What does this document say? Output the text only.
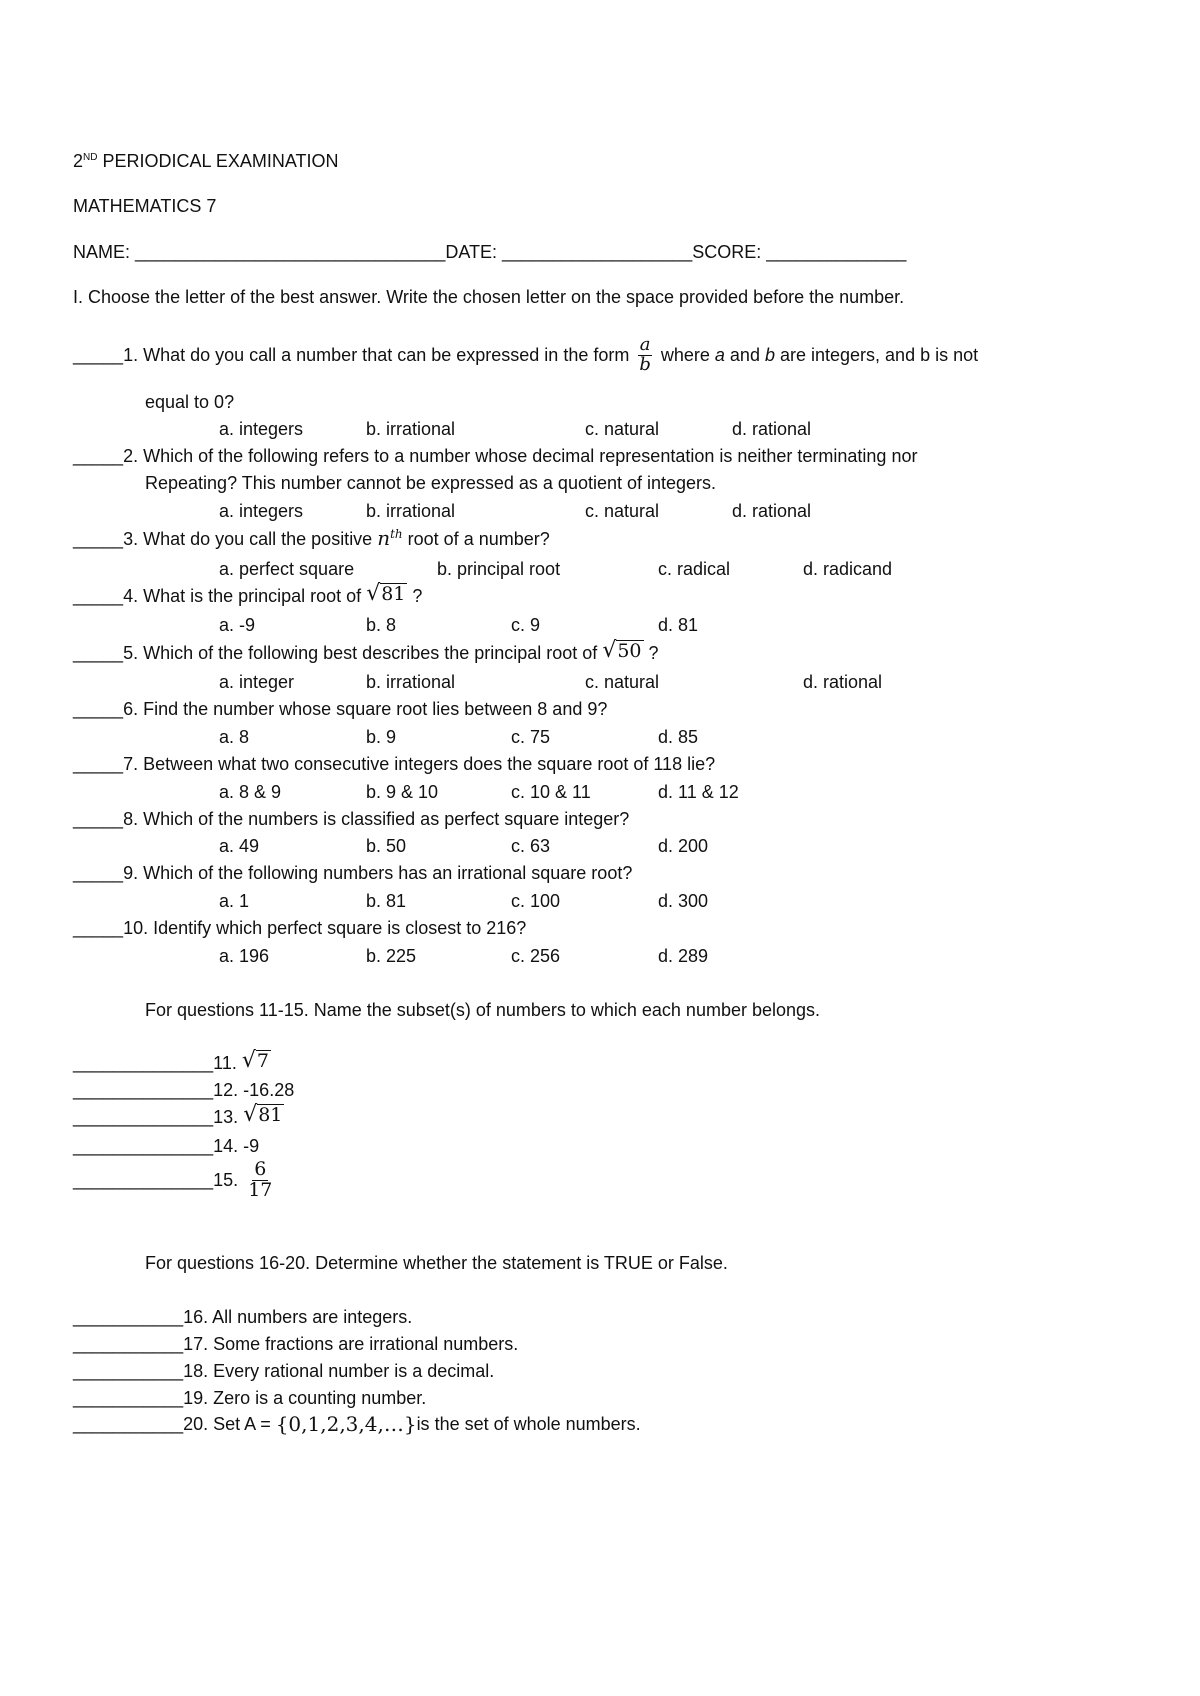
2ND PERIODICAL EXAMINATION
MATHEMATICS 7
NAME: _______________________________DATE: ___________________SCORE: ______________
I. Choose the letter of the best answer. Write the chosen letter on the space provided before the number.
_____ 1. What do you call a number that can be expressed in the form $\frac{a}{b}$ where a and b are integers, and b is not
equal to 0?
a. integers	b. irrational	c. natural	d. rational
_____2. Which of the following refers to a number whose decimal representation is neither terminating nor
Repeating? This number cannot be expressed as a quotient of integers.
a. integers	b. irrational	c. natural	d. rational
_____3. What do you call the positive $n^{th}$ root of a number?
a. perfect square	b. principal root	c. radical	d. radicand
_____ 4. What is the principal root of √ 81 ?
a. -9	b. 8	c. 9	d. 81
_____ 5. Which of the following best describes the principal root of √ 50 ?
a. integer	b. irrational	c. natural	d. rational
_____6. Find the number whose square root lies between 8 and 9?
a. 8	b. 9	c. 75	d. 85
_____7. Between what two consecutive integers does the square root of 118 lie?
a. 8 & 9	b. 9 & 10	c. 10 & 11	d. 11 & 12
_____8. Which of the numbers is classified as perfect square integer?
a. 49	b. 50	c. 63	d. 200
_____9. Which of the following numbers has an irrational square root?
a. 1	b. 81	c. 100	d. 300
_____10. Identify which perfect square is closest to 216?
a. 196	b. 225	c. 256	d. 289
For questions 11-15. Name the subset(s) of numbers to which each number belongs.
______________ 11. √ 7
______________12. -16.28
______________ 13. √ 81
______________14. -9
______________ 15. $\frac{6}{17}$
For questions 16-20. Determine whether the statement is TRUE or False.
___________16. All numbers are integers.
___________17. Some fractions are irrational numbers.
___________18. Every rational number is a decimal.
___________19. Zero is a counting number.
___________ 20. Set A = {0,1,2,3,4,…} is the set of whole numbers.
